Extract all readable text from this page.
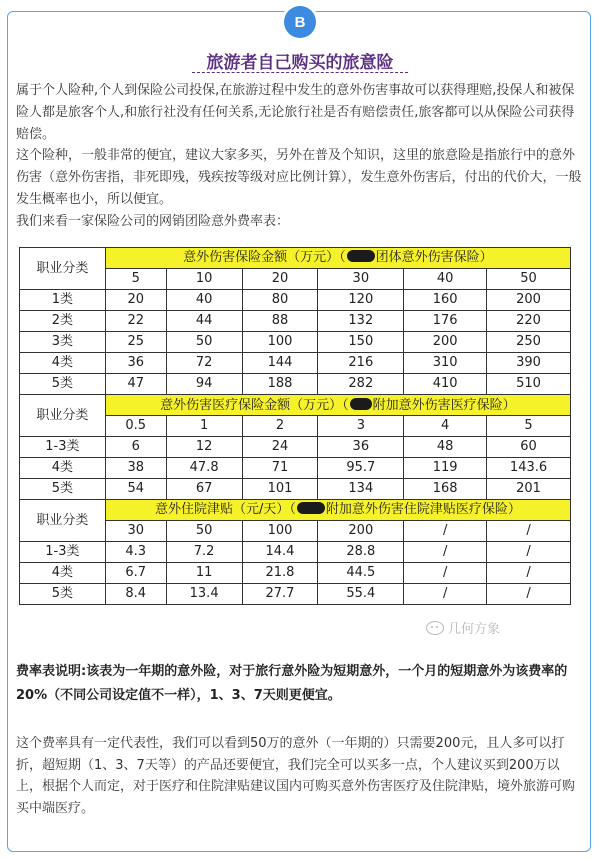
B
旅游者自己购买的旅意险

属于个人险种,个人到保险公司投保,在旅游过程中发生的意外伤害事故可以获得理赔,投保人和被保险人都是旅客个人,和旅行社没有任何关系,无论旅行社是否有赔偿责任,旅客都可以从保险公司获得赔偿。

这个险种，一般非常的便宜，建议大家多买，另外在普及个知识，这里的旅意险是指旅行中的意外伤害（意外伤害指，非死即残，残疾按等级对应比例计算），发生意外伤害后，付出的代价大，一般发生概率也小，所以便宜。

我们来看一家保险公司的网销团险意外费率表：

职业分类	意外伤害保险金额（万元）（ 团体意外伤害保险）					
	5	10	20	30	40	50
1类	20	40	80	120	160	200
2类	22	44	88	132	176	220
3类	25	50	100	150	200	250
4类	36	72	144	216	310	390
5类	47	94	188	282	410	510
职业分类	意外伤害医疗保险金额（万元）（ 附加意外伤害医疗保险）					
	0.5	1	2	3	4	5
1-3类	6	12	24	36	48	60
4类	38	47.8	71	95.7	119	143.6
5类	54	67	101	134	168	201
职业分类	意外住院津贴（元/天）（ 附加意外伤害住院津贴医疗保险）					
	30	50	100	200	/	/
1-3类	4.3	7.2	14.4	28.8	/	/
4类	6.7	11	21.8	44.5	/	/
5类	8.4	13.4	27.7	55.4	/	/
几何方象
费率表说明:该表为一年期的意外险，对于旅行意外险为短期意外，一个月的短期意外为该费率的20%（不同公司设定值不一样），1、3、7天则更便宜。
这个费率具有一定代表性，我们可以看到50万的意外（一年期的）只需要200元，且人多可以打折，超短期（1、3、7天等）的产品还要便宜，我们完全可以买多一点，个人建议买到200万以上，根据个人而定，对于医疗和住院津贴建议国内可购买意外伤害医疗及住院津贴，境外旅游可购买中端医疗。
